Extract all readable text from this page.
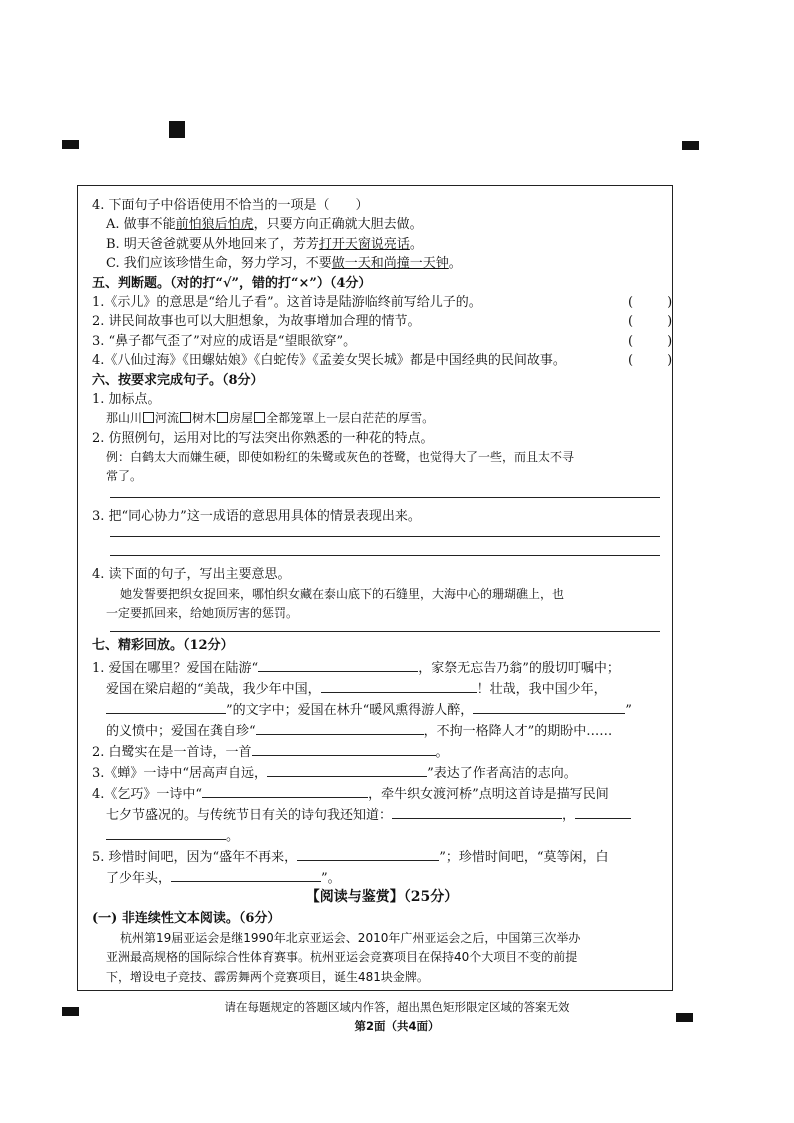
4. 下面句子中俗语使用不恰当的一项是（　　）
A. 做事不能前怕狼后怕虎，只要方向正确就大胆去做。
B. 明天爸爸就要从外地回来了，芳芳打开天窗说亮话。
C. 我们应该珍惜生命，努力学习，不要做一天和尚撞一天钟。
五、判断题。（对的打“√”，错的打“×”）（4分）
1.《示儿》的意思是“给儿子看”。这首诗是陆游临终前写给儿子的。	()
2. 讲民间故事也可以大胆想象，为故事增加合理的情节。	()
3. “鼻子都气歪了”对应的成语是“望眼欲穿”。	()
4.《八仙过海》《田螺姑娘》《白蛇传》《孟姜女哭长城》都是中国经典的民间故事。	()
六、按要求完成句子。（8分）
1. 加标点。
那山川 河流 树木 房屋 全都笼罩上一层白茫茫的厚雪。
2. 仿照例句，运用对比的写法突出你熟悉的一种花的特点。
例：白鹤太大而嫌生硬，即使如粉红的朱鹭或灰色的苍鹭，也觉得大了一些，而且太不寻
常了。
3. 把“同心协力”这一成语的意思用具体的情景表现出来。
4. 读下面的句子，写出主要意思。
她发誓要把织女捉回来，哪怕织女藏在泰山底下的石缝里，大海中心的珊瑚礁上，也
一定要抓回来，给她顶厉害的惩罚。
七、精彩回放。（12分）
1. 爱国在哪里？爱国在陆游“	，家祭无忘告乃翁”的殷切叮嘱中；
爱国在梁启超的“美哉，我少年中国，	！壮哉，我中国少年，
”的文字中；爱国在林升“暖风熏得游人醉，	”
的义愤中；爱国在龚自珍“	，不拘一格降人才”的期盼中……
2. 白鹭实在是一首诗，一首	。
3.《蝉》一诗中“居高声自远，	”表达了作者高洁的志向。
4.《乞巧》一诗中“	，牵牛织女渡河桥”点明这首诗是描写民间
七夕节盛况的。与传统节日有关的诗句我还知道：	，
。
5. 珍惜时间吧，因为“盛年不再来，	”；珍惜时间吧，“莫等闲，白
了少年头，	”。
【阅读与鉴赏】（25分）
(一) 非连续性文本阅读。（6分）
杭州第19届亚运会是继1990年北京亚运会、2010年广州亚运会之后，中国第三次举办
亚洲最高规格的国际综合性体育赛事。杭州亚运会竞赛项目在保持40个大项目不变的前提
下，增设电子竞技、霹雳舞两个竞赛项目，诞生481块金牌。
请在每题规定的答题区域内作答，超出黑色矩形限定区域的答案无效
第2面（共4面）
